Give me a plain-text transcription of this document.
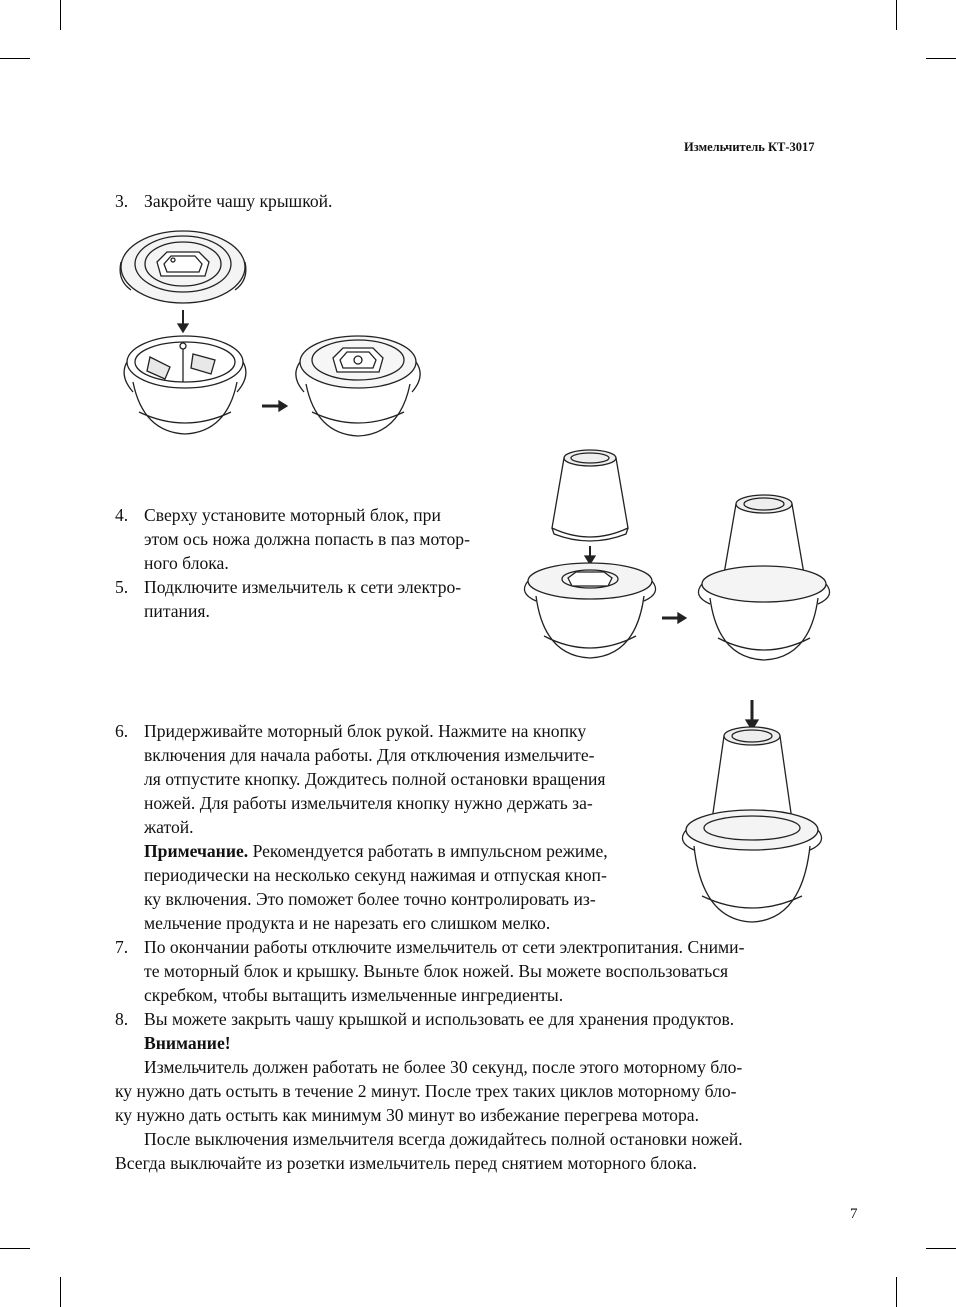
Измельчитель КТ-3017
3. Закройте чашу крышкой.
4. Сверху установите моторный блок, при
этом ось ножа должна попасть в паз мотор-
ного блока.
5. Подключите измельчитель к сети электро-
питания.
6. Придерживайте моторный блок рукой. Нажмите на кнопку
включения для начала работы. Для отключения измельчите-
ля отпустите кнопку. Дождитесь полной остановки вращения
ножей. Для работы измельчителя кнопку нужно держать за-
жатой.
Примечание. Рекомендуется работать в импульсном режиме,
периодически на несколько секунд нажимая и отпуская кноп-
ку включения. Это поможет более точно контролировать из-
мельчение продукта и не нарезать его слишком мелко.
7. По окончании работы отключите измельчитель от сети электропитания. Сними-
те моторный блок и крышку. Выньте блок ножей. Вы можете воспользоваться
скребком, чтобы вытащить измельченные ингредиенты.
8. Вы можете закрыть чашу крышкой и использовать ее для хранения продуктов.
Внимание!
Измельчитель должен работать не более 30 секунд, после этого моторному бло-
ку нужно дать остыть в течение 2 минут. После трех таких циклов моторному бло-
ку нужно дать остыть как минимум 30 минут во избежание перегрева мотора.
После выключения измельчителя всегда дожидайтесь полной остановки ножей.
Всегда выключайте из розетки измельчитель перед снятием моторного блока.
7
